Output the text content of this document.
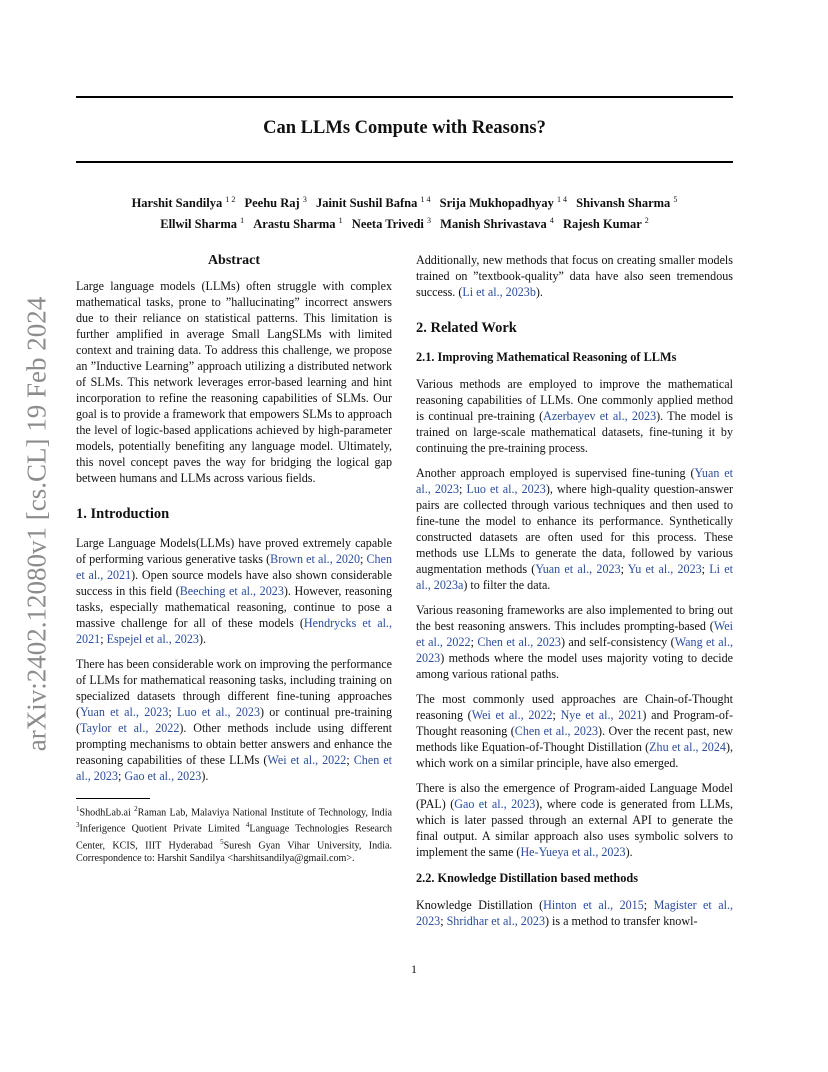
Can LLMs Compute with Reasons?
Harshit Sandilya $^{1 2}$ Peehu Raj $^3$ Jainit Sushil Bafna $^{1 4}$ Srija Mukhopadhyay $^{1 4}$ Shivansh Sharma $^5$
Ellwil Sharma $^1$ Arastu Sharma $^1$ Neeta Trivedi $^3$ Manish Shrivastava $^4$ Rajesh Kumar $^2$
arXiv:2402.12080v1 [cs.CL] 19 Feb 2024
Abstract

Large language models (LLMs) often struggle with complex mathematical tasks, prone to ”hallucinating” incorrect answers due to their reliance on statistical patterns. This limitation is further amplified in average Small LangSLMs with limited context and training data. To address this challenge, we propose an ”Inductive Learning” approach utilizing a distributed network of SLMs. This network leverages error-based learning and hint incorporation to refine the reasoning capabilities of SLMs. Our goal is to provide a framework that empowers SLMs to approach the level of logic-based applications achieved by high-parameter models, potentially benefiting any language model. Ultimately, this novel concept paves the way for bridging the logical gap between humans and LLMs across various fields.

1. Introduction

Large Language Models(LLMs) have proved extremely capable of performing various generative tasks (Brown et al., 2020; Chen et al., 2021). Open source models have also shown considerable success in this field (Beeching et al., 2023). However, reasoning tasks, especially mathematical reasoning, continue to pose a massive challenge for all of these models (Hendrycks et al., 2021; Espejel et al., 2023).

There has been considerable work on improving the performance of LLMs for mathematical reasoning tasks, including training on specialized datasets through different fine-tuning approaches (Yuan et al., 2023; Luo et al., 2023) or continual pre-training (Taylor et al., 2022). Other methods include using different prompting mechanisms to obtain better answers and enhance the reasoning capabilities of these LLMs (Wei et al., 2022; Chen et al., 2023; Gao et al., 2023).

$^1$ShodhLab.ai $^2$Raman Lab, Malaviya National Institute of Technology, India $^3$Inferigence Quotient Private Limited $^4$Language Technologies Research Center, KCIS, IIIT Hyderabad $^5$Suresh Gyan Vihar University, India. Correspondence to: Harshit Sandilya <harshitsandilya@gmail.com>.

Additionally, new methods that focus on creating smaller models trained on ”textbook-quality” data have also seen tremendous success. (Li et al., 2023b).

2. Related Work
2.1. Improving Mathematical Reasoning of LLMs

Various methods are employed to improve the mathematical reasoning capabilities of LLMs. One commonly applied method is continual pre-training (Azerbayev et al., 2023). The model is trained on large-scale mathematical datasets, fine-tuning it by continuing the pre-training process.

Another approach employed is supervised fine-tuning (Yuan et al., 2023; Luo et al., 2023), where high-quality question-answer pairs are collected through various techniques and then used to fine-tune the model to enhance its performance. Synthetically constructed datasets are often used for this process. These methods use LLMs to generate the data, followed by various augmentation methods (Yuan et al., 2023; Yu et al., 2023; Li et al., 2023a) to filter the data.

Various reasoning frameworks are also implemented to bring out the best reasoning answers. This includes prompting-based (Wei et al., 2022; Chen et al., 2023) and self-consistency (Wang et al., 2023) methods where the model uses majority voting to decide among various rational paths.

The most commonly used approaches are Chain-of-Thought reasoning (Wei et al., 2022; Nye et al., 2021) and Program-of-Thought reasoning (Chen et al., 2023). Over the recent past, new methods like Equation-of-Thought Distillation (Zhu et al., 2024), which work on a similar principle, have also emerged.

There is also the emergence of Program-aided Language Model (PAL) (Gao et al., 2023), where code is generated from LLMs, which is later passed through an external API to generate the final output. A similar approach also uses symbolic solvers to implement the same (He-Yueya et al., 2023).

2.2. Knowledge Distillation based methods

Knowledge Distillation (Hinton et al., 2015; Magister et al., 2023; Shridhar et al., 2023) is a method to transfer knowl-

1
